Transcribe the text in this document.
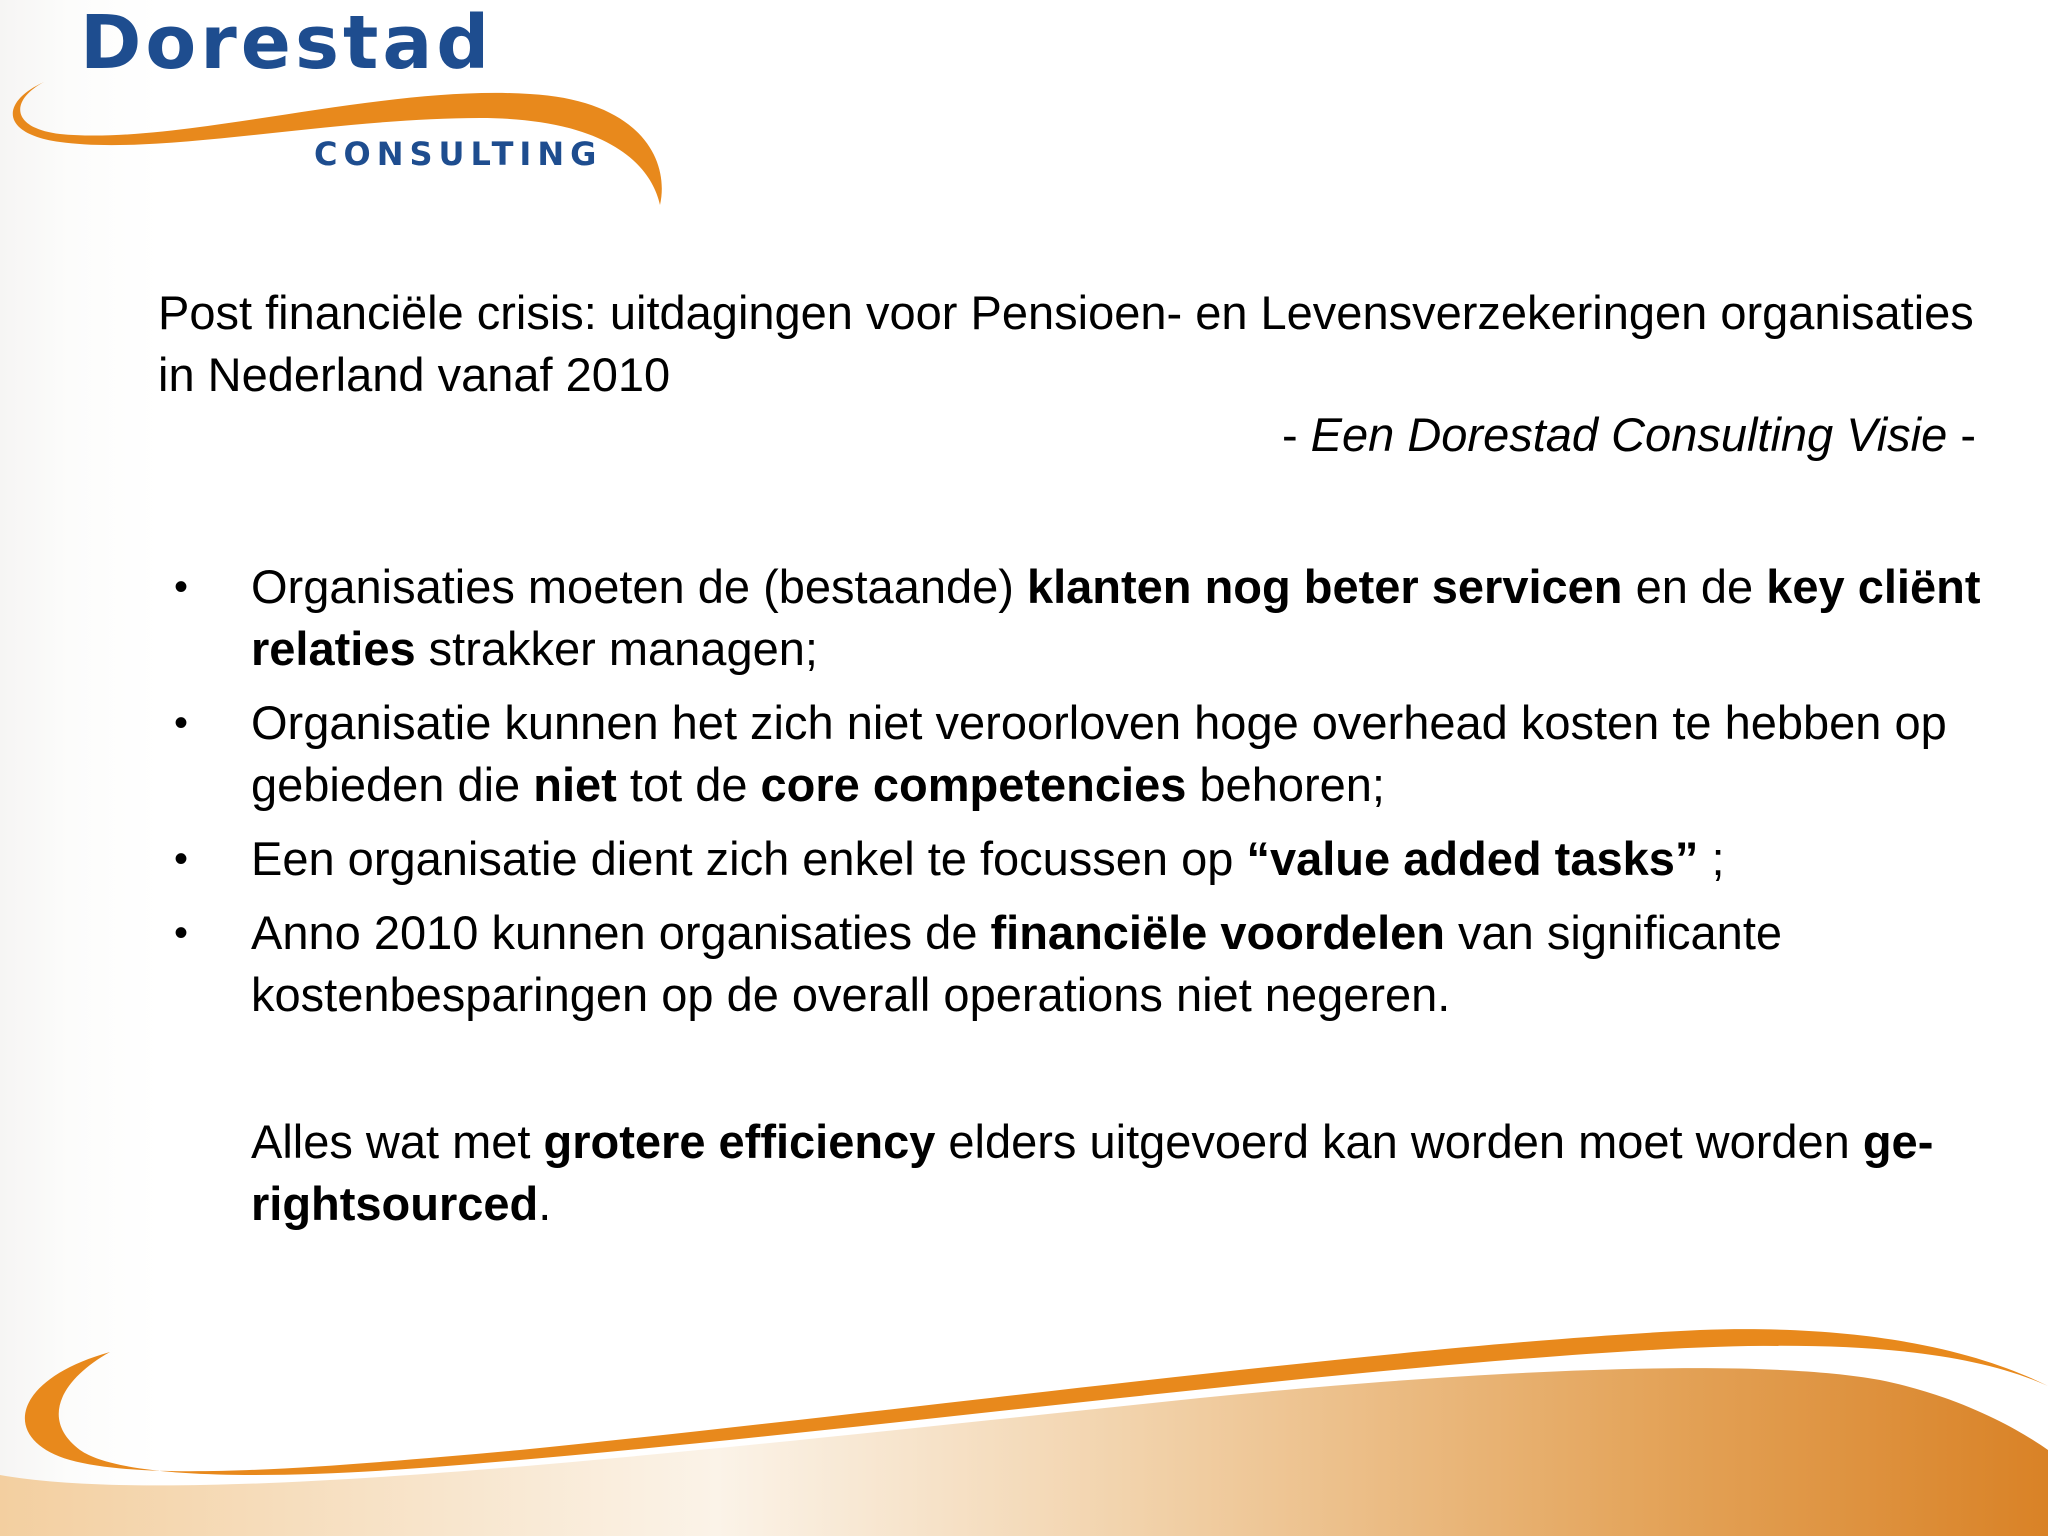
Dorestad
CONSULTING
Post financiële crisis: uitdagingen voor Pensioen- en Levensverzekeringen organisaties in Nederland vanaf 2010
- Een Dorestad Consulting Visie -
• Organisaties moeten de (bestaande) klanten nog beter servicen en de key cliënt relaties strakker managen;
• Organisatie kunnen het zich niet veroorloven hoge overhead kosten te hebben op gebieden die niet tot de core competencies behoren;
• Een organisatie dient zich enkel te focussen op “value added tasks” ;
• Anno 2010 kunnen organisaties de financiële voordelen van significante kostenbesparingen op de overall operations niet negeren.
Alles wat met grotere efficiency elders uitgevoerd kan worden moet worden ge-rightsourced.
